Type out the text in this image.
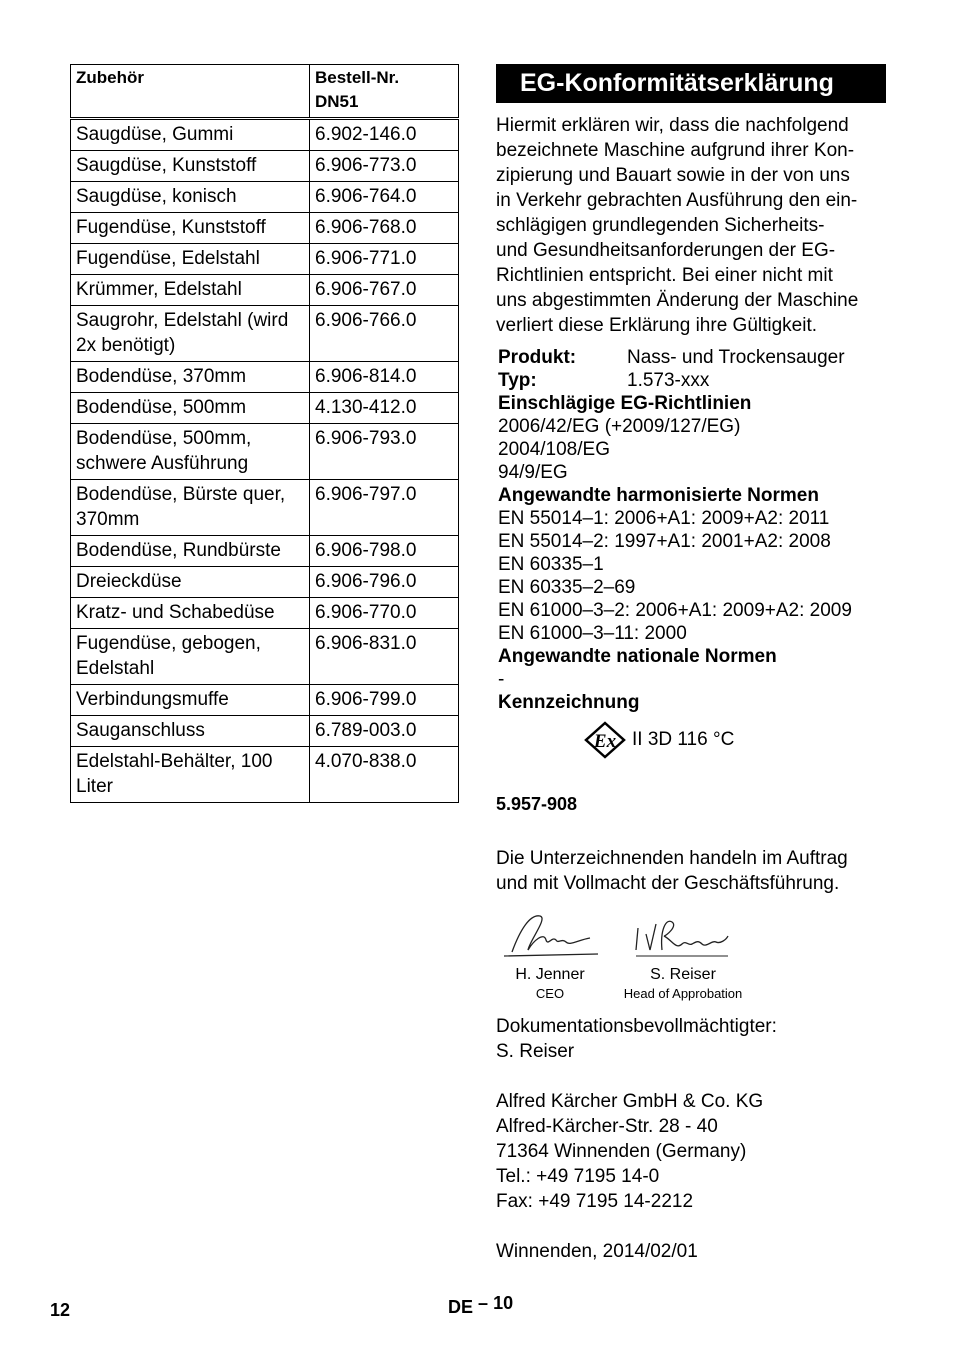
Zubehör	Bestell-Nr.
DN51
Saugdüse, Gummi	6.902-146.0
Saugdüse, Kunststoff	6.906-773.0
Saugdüse, konisch	6.906-764.0
Fugendüse, Kunststoff	6.906-768.0
Fugendüse, Edelstahl	6.906-771.0
Krümmer, Edelstahl	6.906-767.0
Saugrohr, Edelstahl (wird 2x benötigt)	6.906-766.0
Bodendüse, 370mm	6.906-814.0
Bodendüse, 500mm	4.130-412.0
Bodendüse, 500mm, schwere Ausführung	6.906-793.0
Bodendüse, Bürste quer, 370mm	6.906-797.0
Bodendüse, Rundbürste	6.906-798.0
Dreieckdüse	6.906-796.0
Kratz- und Schabedüse	6.906-770.0
Fugendüse, gebogen, Edelstahl	6.906-831.0
Verbindungsmuffe	6.906-799.0
Sauganschluss	6.789-003.0
Edelstahl-Behälter, 100 Liter	4.070-838.0
EG-Konformitätserklärung
Hiermit erklären wir, dass die nachfolgend
bezeichnete Maschine aufgrund ihrer Kon-
zipierung und Bauart sowie in der von uns
in Verkehr gebrachten Ausführung den ein-
schlägigen grundlegenden Sicherheits-
und Gesundheitsanforderungen der EG-
Richtlinien entspricht. Bei einer nicht mit
uns abgestimmten Änderung der Maschine
verliert diese Erklärung ihre Gültigkeit.
Produkt:	Nass- und Trockensauger
Typ:	1.573-xxx
Einschlägige EG-Richtlinien
2006/42/EG (+2009/127/EG)
2004/108/EG
94/9/EG
Angewandte harmonisierte Normen
EN 55014–1: 2006+A1: 2009+A2: 2011
EN 55014–2: 1997+A1: 2001+A2: 2008
EN 60335–1
EN 60335–2–69
EN 61000–3–2: 2006+A1: 2009+A2: 2009
EN 61000–3–11: 2000
Angewandte nationale Normen
-
Kennzeichnung
Ex II 3D 116 °C
5.957-908
Die Unterzeichnenden handeln im Auftrag
und mit Vollmacht der Geschäftsführung.
H. Jenner
CEO
S. Reiser
Head of Approbation
Dokumentationsbevollmächtigter:
S. Reiser
Alfred Kärcher GmbH & Co. KG
Alfred-Kärcher-Str. 28 - 40
71364 Winnenden (Germany)
Tel.: +49 7195 14-0
Fax: +49 7195 14-2212
Winnenden, 2014/02/01
12	DE – 10
